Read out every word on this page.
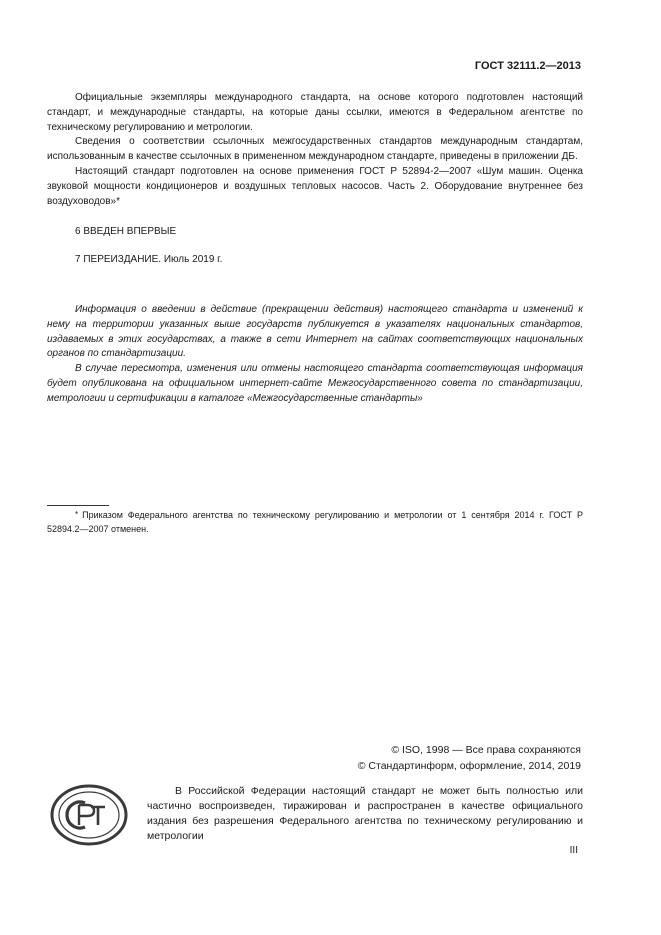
ГОСТ 32111.2—2013

Официальные экземпляры международного стандарта, на основе которого подготовлен настоящий стандарт, и международные стандарты, на которые даны ссылки, имеются в Федеральном агентстве по техническому регулированию и метрологии.

Сведения о соответствии ссылочных межгосударственных стандартов международным стандартам, использованным в качестве ссылочных в примененном международном стандарте, приведены в приложении ДБ.

Настоящий стандарт подготовлен на основе применения ГОСТ Р 52894-2—2007 «Шум машин. Оценка звуковой мощности кондиционеров и воздушных тепловых насосов. Часть 2. Оборудование внутреннее без воздуховодов»*

6 ВВЕДЕН ВПЕРВЫЕ
7 ПЕРЕИЗДАНИЕ. Июль 2019 г.

Информация о введении в действие (прекращении действия) настоящего стандарта и изменений к нему на территории указанных выше государств публикуется в указателях национальных стандартов, издаваемых в этих государствах, а также в сети Интернет на сайтах соответствующих национальных органов по стандартизации.

В случае пересмотра, изменения или отмены настоящего стандарта соответствующая информация будет опубликована на официальном интернет-сайте Межгосударственного совета по стандартизации, метрологии и сертификации в каталоге «Межгосударственные стандарты»

* Приказом Федерального агентства по техническому регулированию и метрологии от 1 сентября 2014 г. ГОСТ Р 52894.2—2007 отменен.
© ISO, 1998 — Все права сохраняются
© Стандартинформ, оформление, 2014, 2019

В Российской Федерации настоящий стандарт не может быть полностью или частично воспроизведен, тиражирован и распространен в качестве официального издания без разрешения Федерального агентства по техническому регулированию и метрологии

III
